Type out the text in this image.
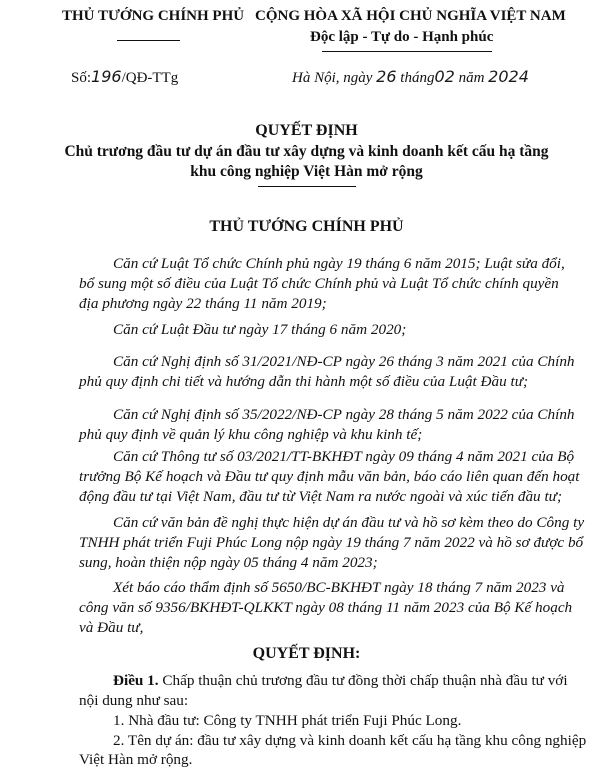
THỦ TƯỚNG CHÍNH PHỦ CỘNG HÒA XÃ HỘI CHỦ NGHĨA VIỆT NAM
Độc lập - Tự do - Hạnh phúc
Số:196/QĐ-TTg	Hà Nội, ngày 26 tháng02 năm 2024
QUYẾT ĐỊNH
Chủ trương đầu tư dự án đầu tư xây dựng và kinh doanh kết cấu hạ tầng
khu công nghiệp Việt Hàn mở rộng
THỦ TƯỚNG CHÍNH PHỦ
Căn cứ Luật Tổ chức Chính phủ ngày 19 tháng 6 năm 2015; Luật sửa đổi,
bổ sung một số điều của Luật Tổ chức Chính phủ và Luật Tổ chức chính quyền
địa phương ngày 22 tháng 11 năm 2019;
Căn cứ Luật Đầu tư ngày 17 tháng 6 năm 2020;
Căn cứ Nghị định số 31/2021/NĐ-CP ngày 26 tháng 3 năm 2021 của Chính
phủ quy định chi tiết và hướng dẫn thi hành một số điều của Luật Đầu tư;
Căn cứ Nghị định số 35/2022/NĐ-CP ngày 28 tháng 5 năm 2022 của Chính
phủ quy định về quản lý khu công nghiệp và khu kinh tế;
Căn cứ Thông tư số 03/2021/TT-BKHĐT ngày 09 tháng 4 năm 2021 của Bộ
trưởng Bộ Kế hoạch và Đầu tư quy định mẫu văn bản, báo cáo liên quan đến hoạt
động đầu tư tại Việt Nam, đầu tư từ Việt Nam ra nước ngoài và xúc tiến đầu tư;
Căn cứ văn bản đề nghị thực hiện dự án đầu tư và hồ sơ kèm theo do Công ty
TNHH phát triển Fuji Phúc Long nộp ngày 19 tháng 7 năm 2022 và hồ sơ được bổ
sung, hoàn thiện nộp ngày 05 tháng 4 năm 2023;
Xét báo cáo thẩm định số 5650/BC-BKHĐT ngày 18 tháng 7 năm 2023 và
công văn số 9356/BKHĐT-QLKKT ngày 08 tháng 11 năm 2023 của Bộ Kế hoạch
và Đầu tư,
QUYẾT ĐỊNH:
Điều 1. Chấp thuận chủ trương đầu tư đồng thời chấp thuận nhà đầu tư với
nội dung như sau:
1. Nhà đầu tư: Công ty TNHH phát triển Fuji Phúc Long.
2. Tên dự án: đầu tư xây dựng và kinh doanh kết cấu hạ tầng khu công nghiệp
Việt Hàn mở rộng.
